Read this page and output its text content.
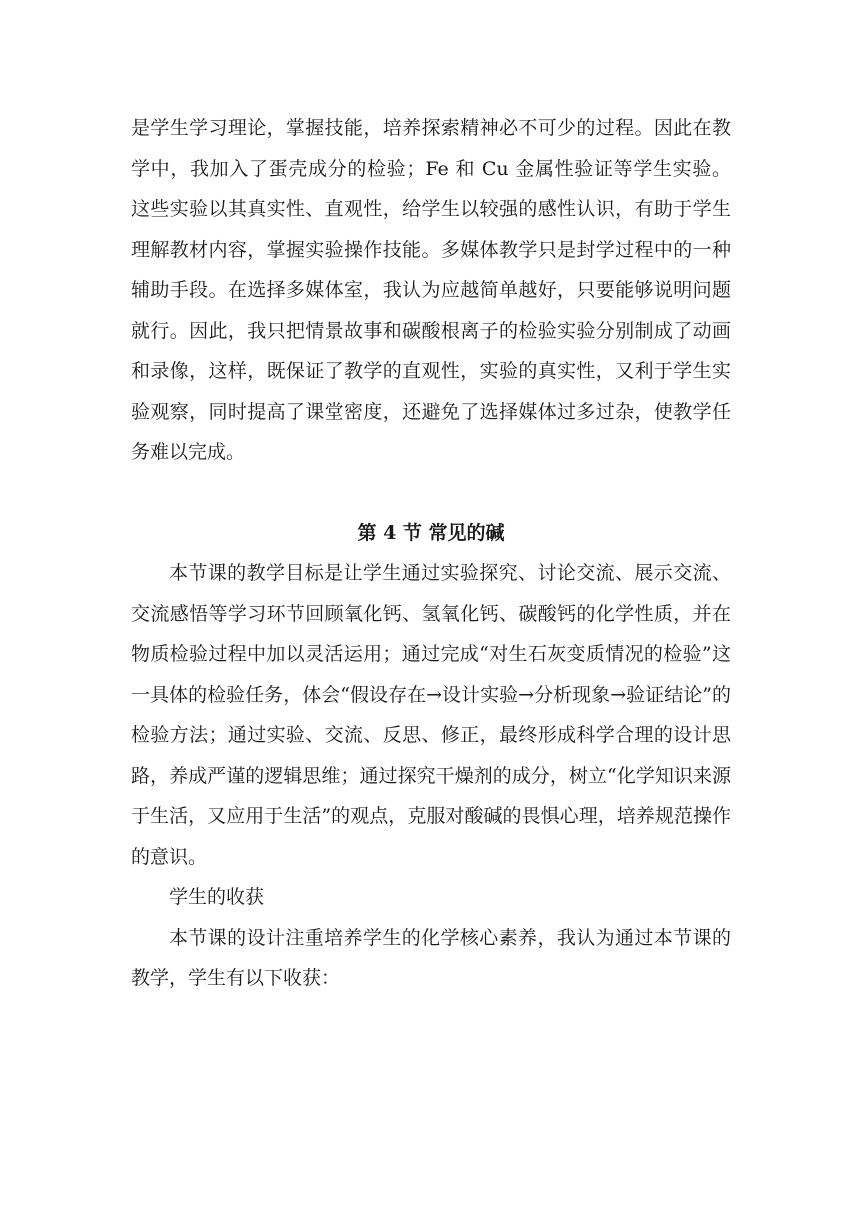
是学生学习理论，掌握技能，培养探索精神必不可少的过程。因此在教学中，我加入了蛋壳成分的检验；Fe 和 Cu 金属性验证等学生实验。这些实验以其真实性、直观性，给学生以较强的感性认识，有助于学生理解教材内容，掌握实验操作技能。多媒体教学只是封学过程中的一种辅助手段。在选择多媒体室，我认为应越简单越好，只要能够说明问题就行。因此，我只把情景故事和碳酸根离子的检验实验分别制成了动画和录像，这样，既保证了教学的直观性，实验的真实性，又利于学生实验观察，同时提高了课堂密度，还避免了选择媒体过多过杂，使教学任务难以完成。

第 4 节 常见的碱

本节课的教学目标是让学生通过实验探究、讨论交流、展示交流、交流感悟等学习环节回顾氧化钙、氢氧化钙、碳酸钙的化学性质，并在物质检验过程中加以灵活运用；通过完成“对生石灰变质情况的检验”这一具体的检验任务，体会“假设存在→设计实验→分析现象→验证结论”的检验方法；通过实验、交流、反思、修正，最终形成科学合理的设计思路，养成严谨的逻辑思维；通过探究干燥剂的成分，树立“化学知识来源于生活，又应用于生活”的观点，克服对酸碱的畏惧心理，培养规范操作的意识。

学生的收获

本节课的设计注重培养学生的化学核心素养，我认为通过本节课的教学，学生有以下收获：
